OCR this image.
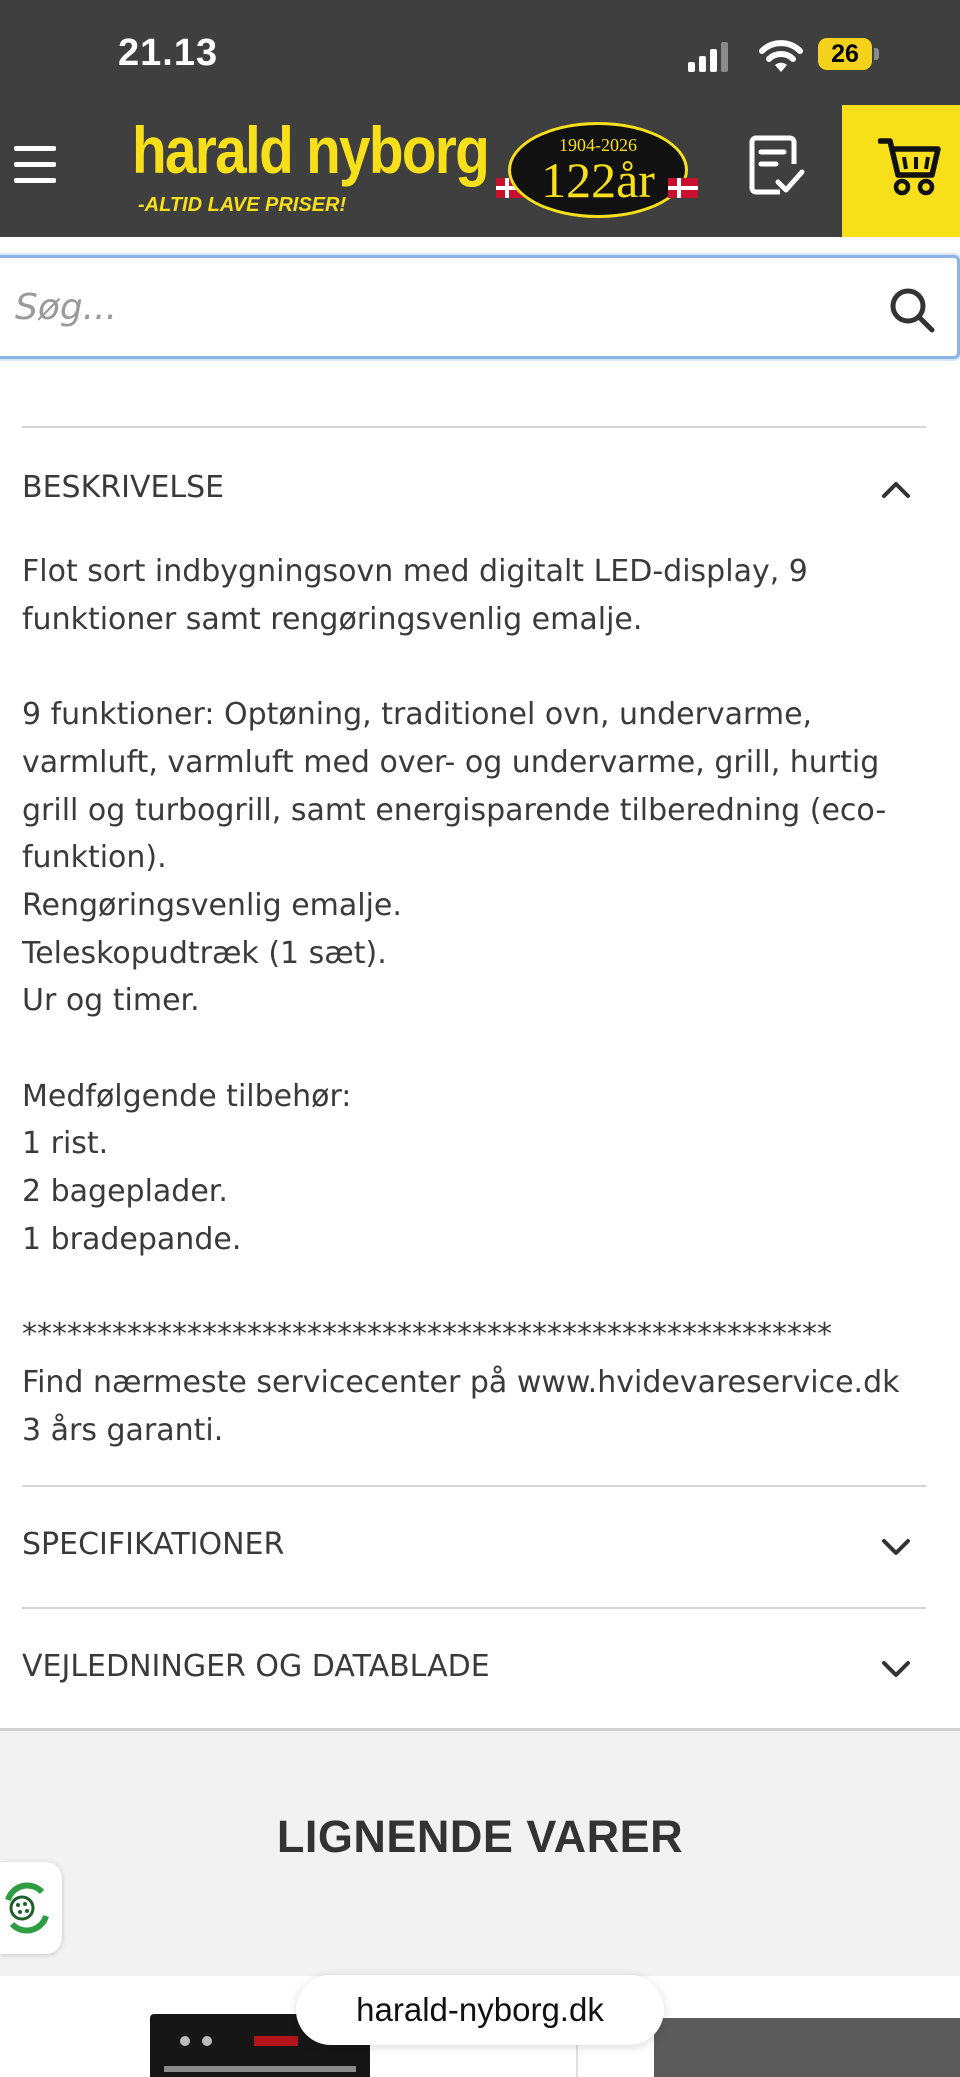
21.13	26
harald nyborg
-ALTID LAVE PRISER!
1904-2026
122år
Søg...
BESKRIVELSE

Flot sort indbygningsovn med digitalt LED-display, 9

funktioner samt rengøringsvenlig emalje.

9 funktioner: Optøning, traditionel ovn, undervarme,

varmluft, varmluft med over- og undervarme, grill, hurtig

grill og turbogrill, samt energisparende tilberedning (eco-

funktion).

Rengøringsvenlig emalje.

Teleskopudtræk (1 sæt).

Ur og timer.

Medfølgende tilbehør:

1 rist.

2 bageplader.

1 bradepande.

******************************************************

Find nærmeste servicecenter på www.hvidevareservice.dk

3 års garanti.

SPECIFIKATIONER
VEJLEDNINGER OG DATABLADE
LIGNENDE VARER
harald-nyborg.dk
